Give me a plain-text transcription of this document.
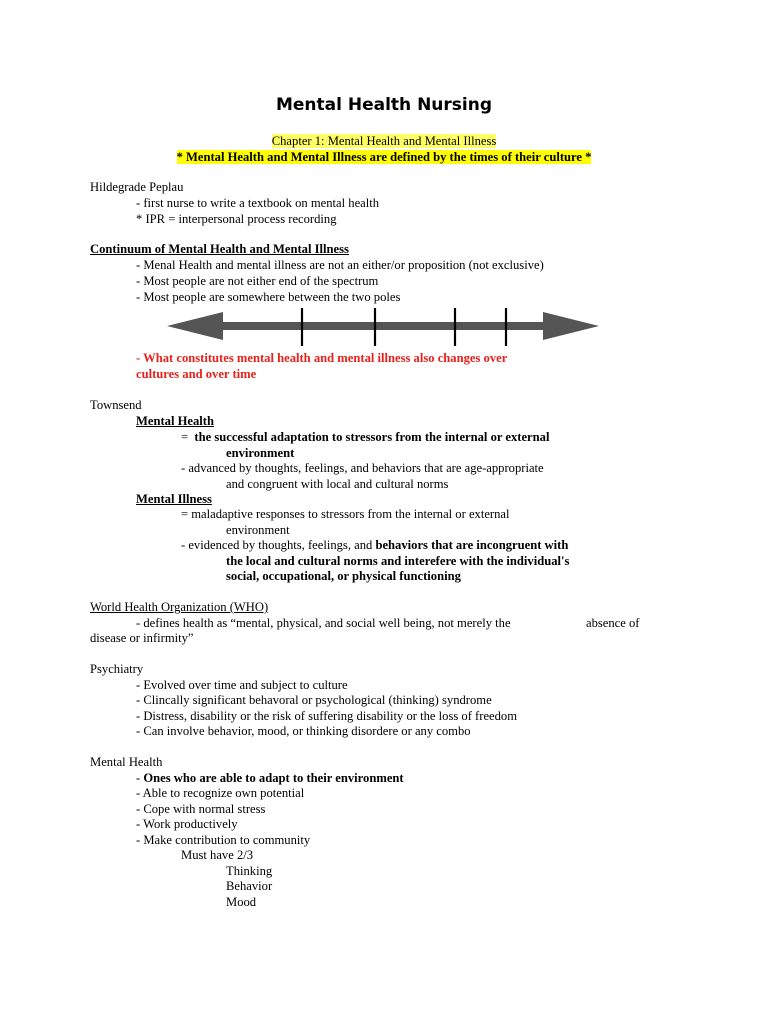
Mental Health Nursing
Chapter 1: Mental Health and Mental Illness
* Mental Health and Mental Illness are defined by the times of their culture *
Hildegrade Peplau
- first nurse to write a textbook on mental health
* IPR = interpersonal process recording
Continuum of Mental Health and Mental Illness
- Menal Health and mental illness are not an either/or proposition (not exclusive)
- Most people are not either end of the spectrum
- Most people are somewhere between the two poles
- What constitutes mental health and mental illness also changes over
cultures and over time
Townsend
Mental Health
=  the successful adaptation to stressors from the internal or external
environment
- advanced by thoughts, feelings, and behaviors that are age-appropriate
and congruent with local and cultural norms
Mental Illness
= maladaptive responses to stressors from the internal or external
environment
- evidenced by thoughts, feelings, and behaviors that are incongruent with
the local and cultural norms and interefere with the individual's
social, occupational, or physical functioning
World Health Organization (WHO)
- defines health as “mental, physical, and social well being, not merely the	absence of
disease or infirmity”
Psychiatry
- Evolved over time and subject to culture
- Clincally significant behavoral or psychological (thinking) syndrome
- Distress, disability or the risk of suffering disability or the loss of freedom
- Can involve behavior, mood, or thinking disordere or any combo
Mental Health
- Ones who are able to adapt to their environment
- Able to recognize own potential
- Cope with normal stress
- Work productively
- Make contribution to community
Must have 2/3
Thinking
Behavior
Mood
